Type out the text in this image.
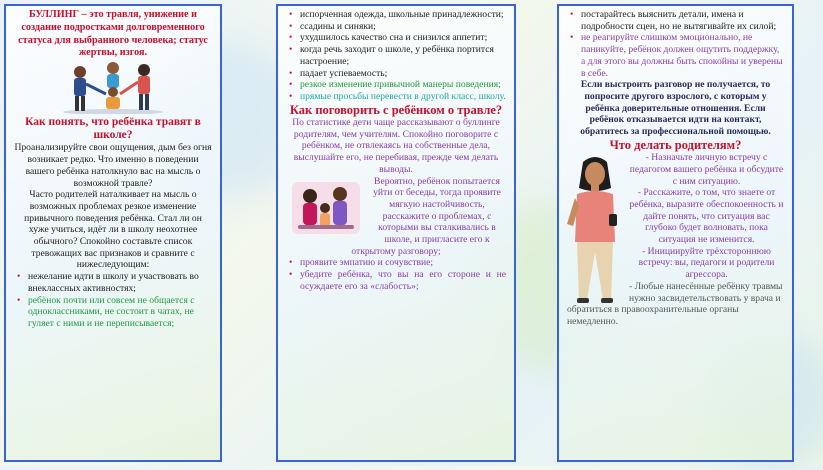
БУЛЛИНГ – это травля, унижение и создание подростками долговременного статуса для выбранного человека; статус жертвы, изгоя.
Как понять, что ребёнка травят в школе?
Проанализируйте свои ощущения, дым без огня возникает редко. Что именно в поведении вашего ребёнка натолкнуло вас на мысль о возможной травле?
Часто родителей наталкивает на мысль о возможных проблемах резкое изменение привычного поведения ребёнка. Стал ли он хуже учиться, идёт ли в школу неохотнее обычного? Спокойно составьте список тревожащих вас признаков и сравните с нижеследующим:
• нежелание идти в школу и участвовать во внеклассных активностях;
• ребёнок почти или совсем не общается с одноклассниками, не состоит в чатах, не гуляет с ними и не переписывается;
• испорченная одежда, школьные принадлежности;
• ссадины и синяки;
• ухудшилось качество сна и снизился аппетит;
• когда речь заходит о школе, у ребёнка портится настроение;
• падает успеваемость;
• резкое изменение привычной манеры поведения;
• прямые просьбы перевести в другой класс, школу.
Как поговорить с ребёнком о травле?
По статистике дети чаще рассказывают о буллинге родителям, чем учителям. Спокойно поговорите с ребёнком, не отвлекаясь на собственные дела, выслушайте его, не перебивая, прежде чем делать выводы.
Вероятно, ребёнок попытается уйти от беседы, тогда проявите мягкую настойчивость, расскажите о проблемах, с которыми вы сталкивались в школе, и пригласите его к открытому разговору;
• проявите эмпатию и сочувствие;
• убедите ребёнка, что вы на его стороне и не осуждаете его за «слабость»;
• постарайтесь выяснить детали, имена и подробности сцен, но не вытягивайте их силой;
• не реагируйте слишком эмоционально, не паникуйте, ребёнок должен ощутить поддержку, а для этого вы должны быть спокойны и уверены в себе.
Если выстроить разговор не получается, то попросите другого взрослого, с которым у ребёнка доверительные отношения. Если ребёнок отказывается идти на контакт, обратитесь за профессиональной помощью.
Что делать родителям?
- Назначьте личную встречу с педагогом вашего ребёнка и обсудите с ним ситуацию.
- Расскажите, о том, что знаете от ребёнка, выразите обеспокоенность и дайте понять, что ситуация вас глубоко будет волновать, пока ситуация не изменится.
- Инициируйте трёхстороннюю встречу: вы, педагоги и родители агрессора.
- Любые нанесённые ребёнку травмы нужно засвидетельствовать у врача и обратиться в правоохранительные органы немедленно.
